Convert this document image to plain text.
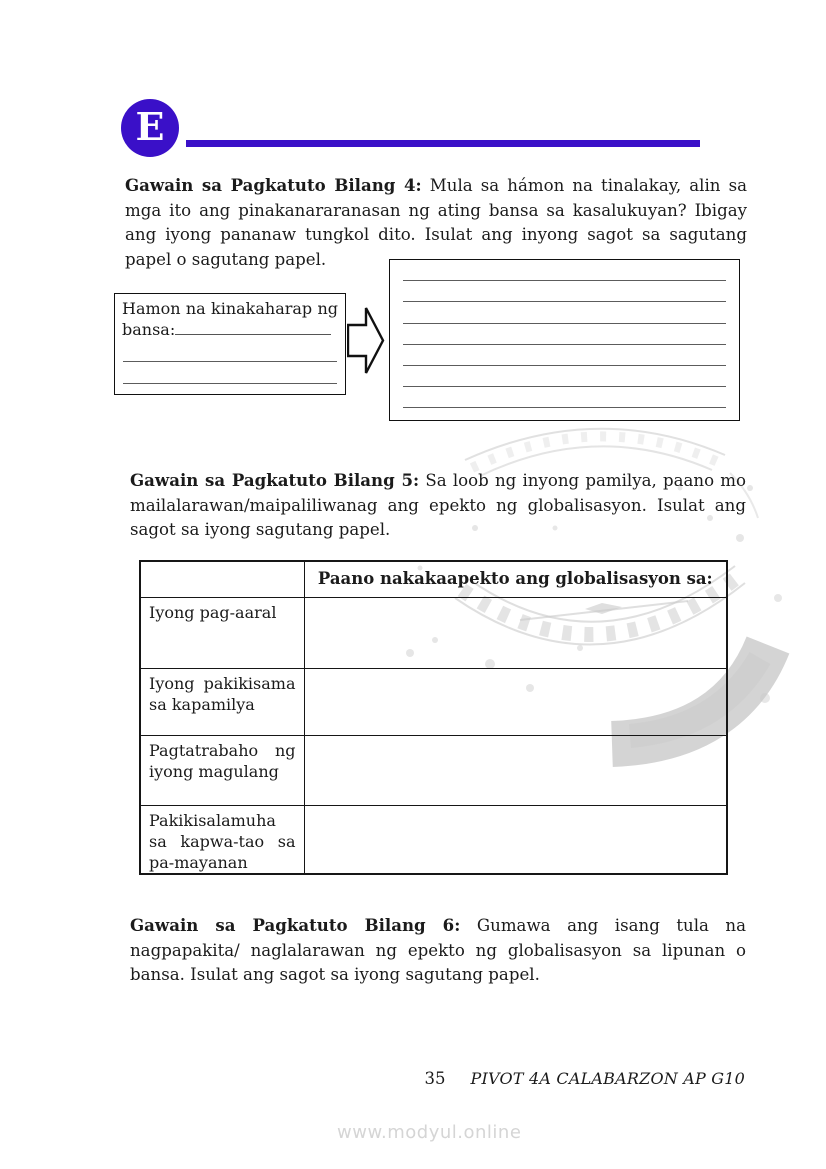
E

Gawain sa Pagkatuto Bilang 4: Mula sa hámon na tinalakay, alin sa mga ito ang pinakanararanasan ng ating bansa sa kasalukuyan? Ibigay ang iyong pananaw tungkol dito. Isulat ang inyong sagot sa sagutang papel o sagutang papel.

Hamon na kinakaharap ng bansa:

Gawain sa Pagkatuto Bilang 5: Sa loob ng inyong pamilya, paano mo mailalarawan/maipaliliwanag ang epekto ng globalisasyon. Isulat ang sagot sa iyong sagutang papel.

	Paano nakakaapekto ang globalisasyon sa:
Iyong pag-aaral	
Iyong pakikisama sa kapamilya	
Pagtatrabaho ng iyong magulang	
Pakikisalamuha sa kapwa-tao sa pa-mayanan	

Gawain sa Pagkatuto Bilang 6: Gumawa ang isang tula na nagpapakita/ naglalarawan ng epekto ng globalisasyon sa lipunan o bansa. Isulat ang sagot sa iyong sagutang papel.

35	PIVOT 4A CALABARZON AP G10
www.modyul.online
